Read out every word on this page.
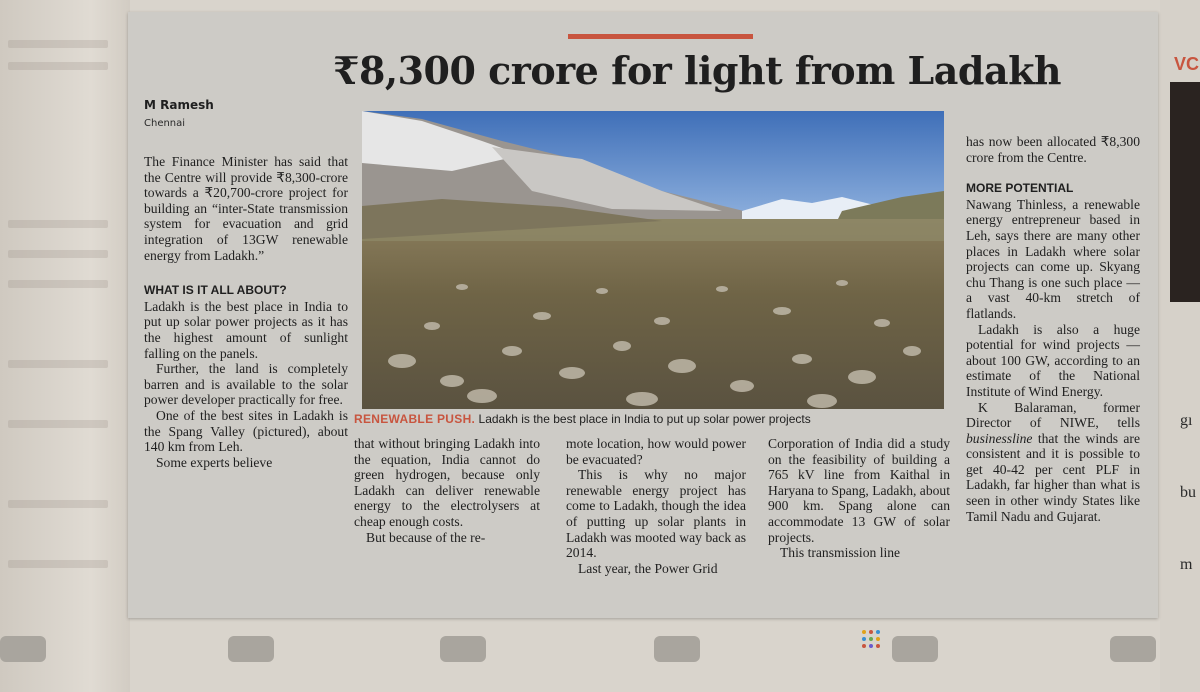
VC
gı
bu
m
₹8,300 crore for light from Ladakh
M Ramesh
Chennai

The Finance Minister has said that the Centre will provide ₹8,300-crore towards a ₹20,700-crore project for building an “inter-State transmission system for evacuation and grid integration of 13GW renewable energy from Ladakh.”

WHAT IS IT ALL ABOUT?

Ladakh is the best place in India to put up solar power projects as it has the highest amount of sunlight falling on the panels.

Further, the land is completely barren and is available to the solar power developer practically for free.

One of the best sites in Ladakh is the Spang Valley (pictured), about 140 km from Leh.

Some experts believe

RENEWABLE PUSH. Ladakh is the best place in India to put up solar power projects

that without bringing Ladakh into the equation, India cannot do green hydrogen, because only Ladakh can deliver renewable energy to the electrolysers at cheap enough costs.

But because of the re-

mote location, how would power be evacuated?

This is why no major renewable energy project has come to Ladakh, though the idea of putting up solar plants in Ladakh was mooted way back as 2014.

Last year, the Power Grid

Corporation of India did a study on the feasibility of building a 765 kV line from Kaithal in Haryana to Spang, Ladakh, about 900 km. Spang alone can accommodate 13 GW of solar projects.

This transmission line

has now been allocated ₹8,300 crore from the Centre.

MORE POTENTIAL

Nawang Thinless, a renewable energy entrepreneur based in Leh, says there are many other places in Ladakh where solar projects can come up. Skyang chu Thang is one such place — a vast 40-km stretch of flatlands.

Ladakh is also a huge potential for wind projects — about 100 GW, according to an estimate of the National Institute of Wind Energy.

K Balaraman, former Director of NIWE, tells businessline that the winds are consistent and it is possible to get 40-42 per cent PLF in Ladakh, far higher than what is seen in other windy States like Tamil Nadu and Gujarat.
